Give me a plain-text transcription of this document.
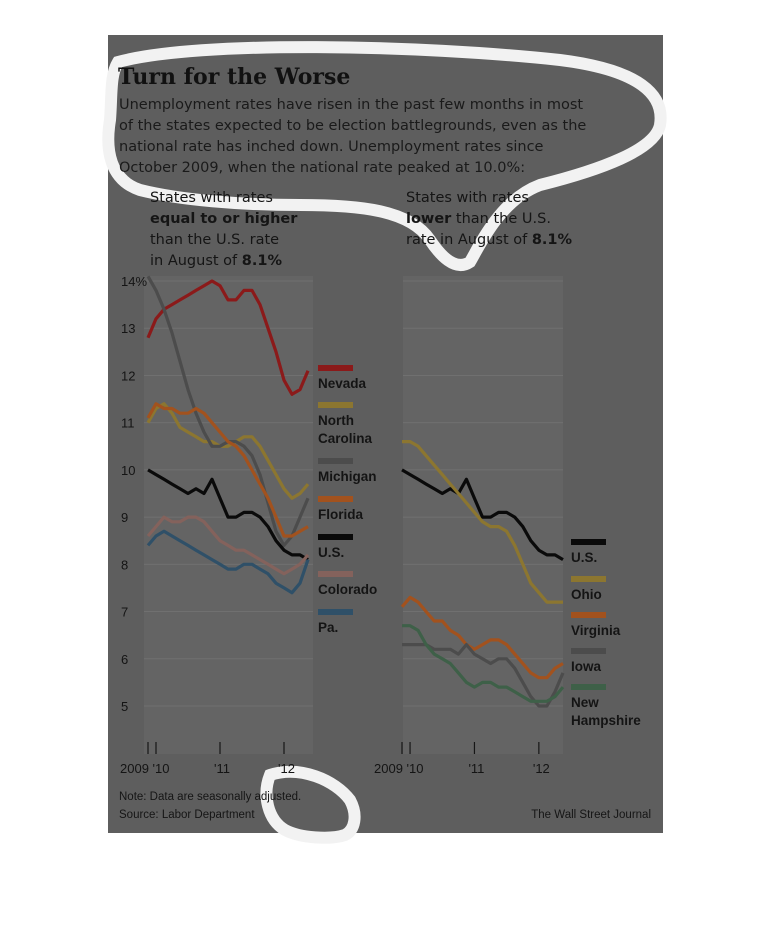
Turn for the Worse
Unemployment rates have risen in the past few months in most
of the states expected to be election battlegrounds, even as the
national rate has inched down. Unemployment rates since
October 2009, when the national rate peaked at 10.0%:
States with rates
equal to or higher
than the U.S. rate
in August of 8.1%
States with rates
lower than the U.S.
rate in August of 8.1%
14%
13
12
11
10
9
8
7
6
5
2009 '10	'11	'12	2009 '10	'11	'12
Nevada
North
Carolina
Michigan
Florida
U.S.
Colorado
Pa.
U.S.
Ohio
Virginia
Iowa
New
Hampshire
Note: Data are seasonally adjusted.
Source: Labor Department	The Wall Street Journal
